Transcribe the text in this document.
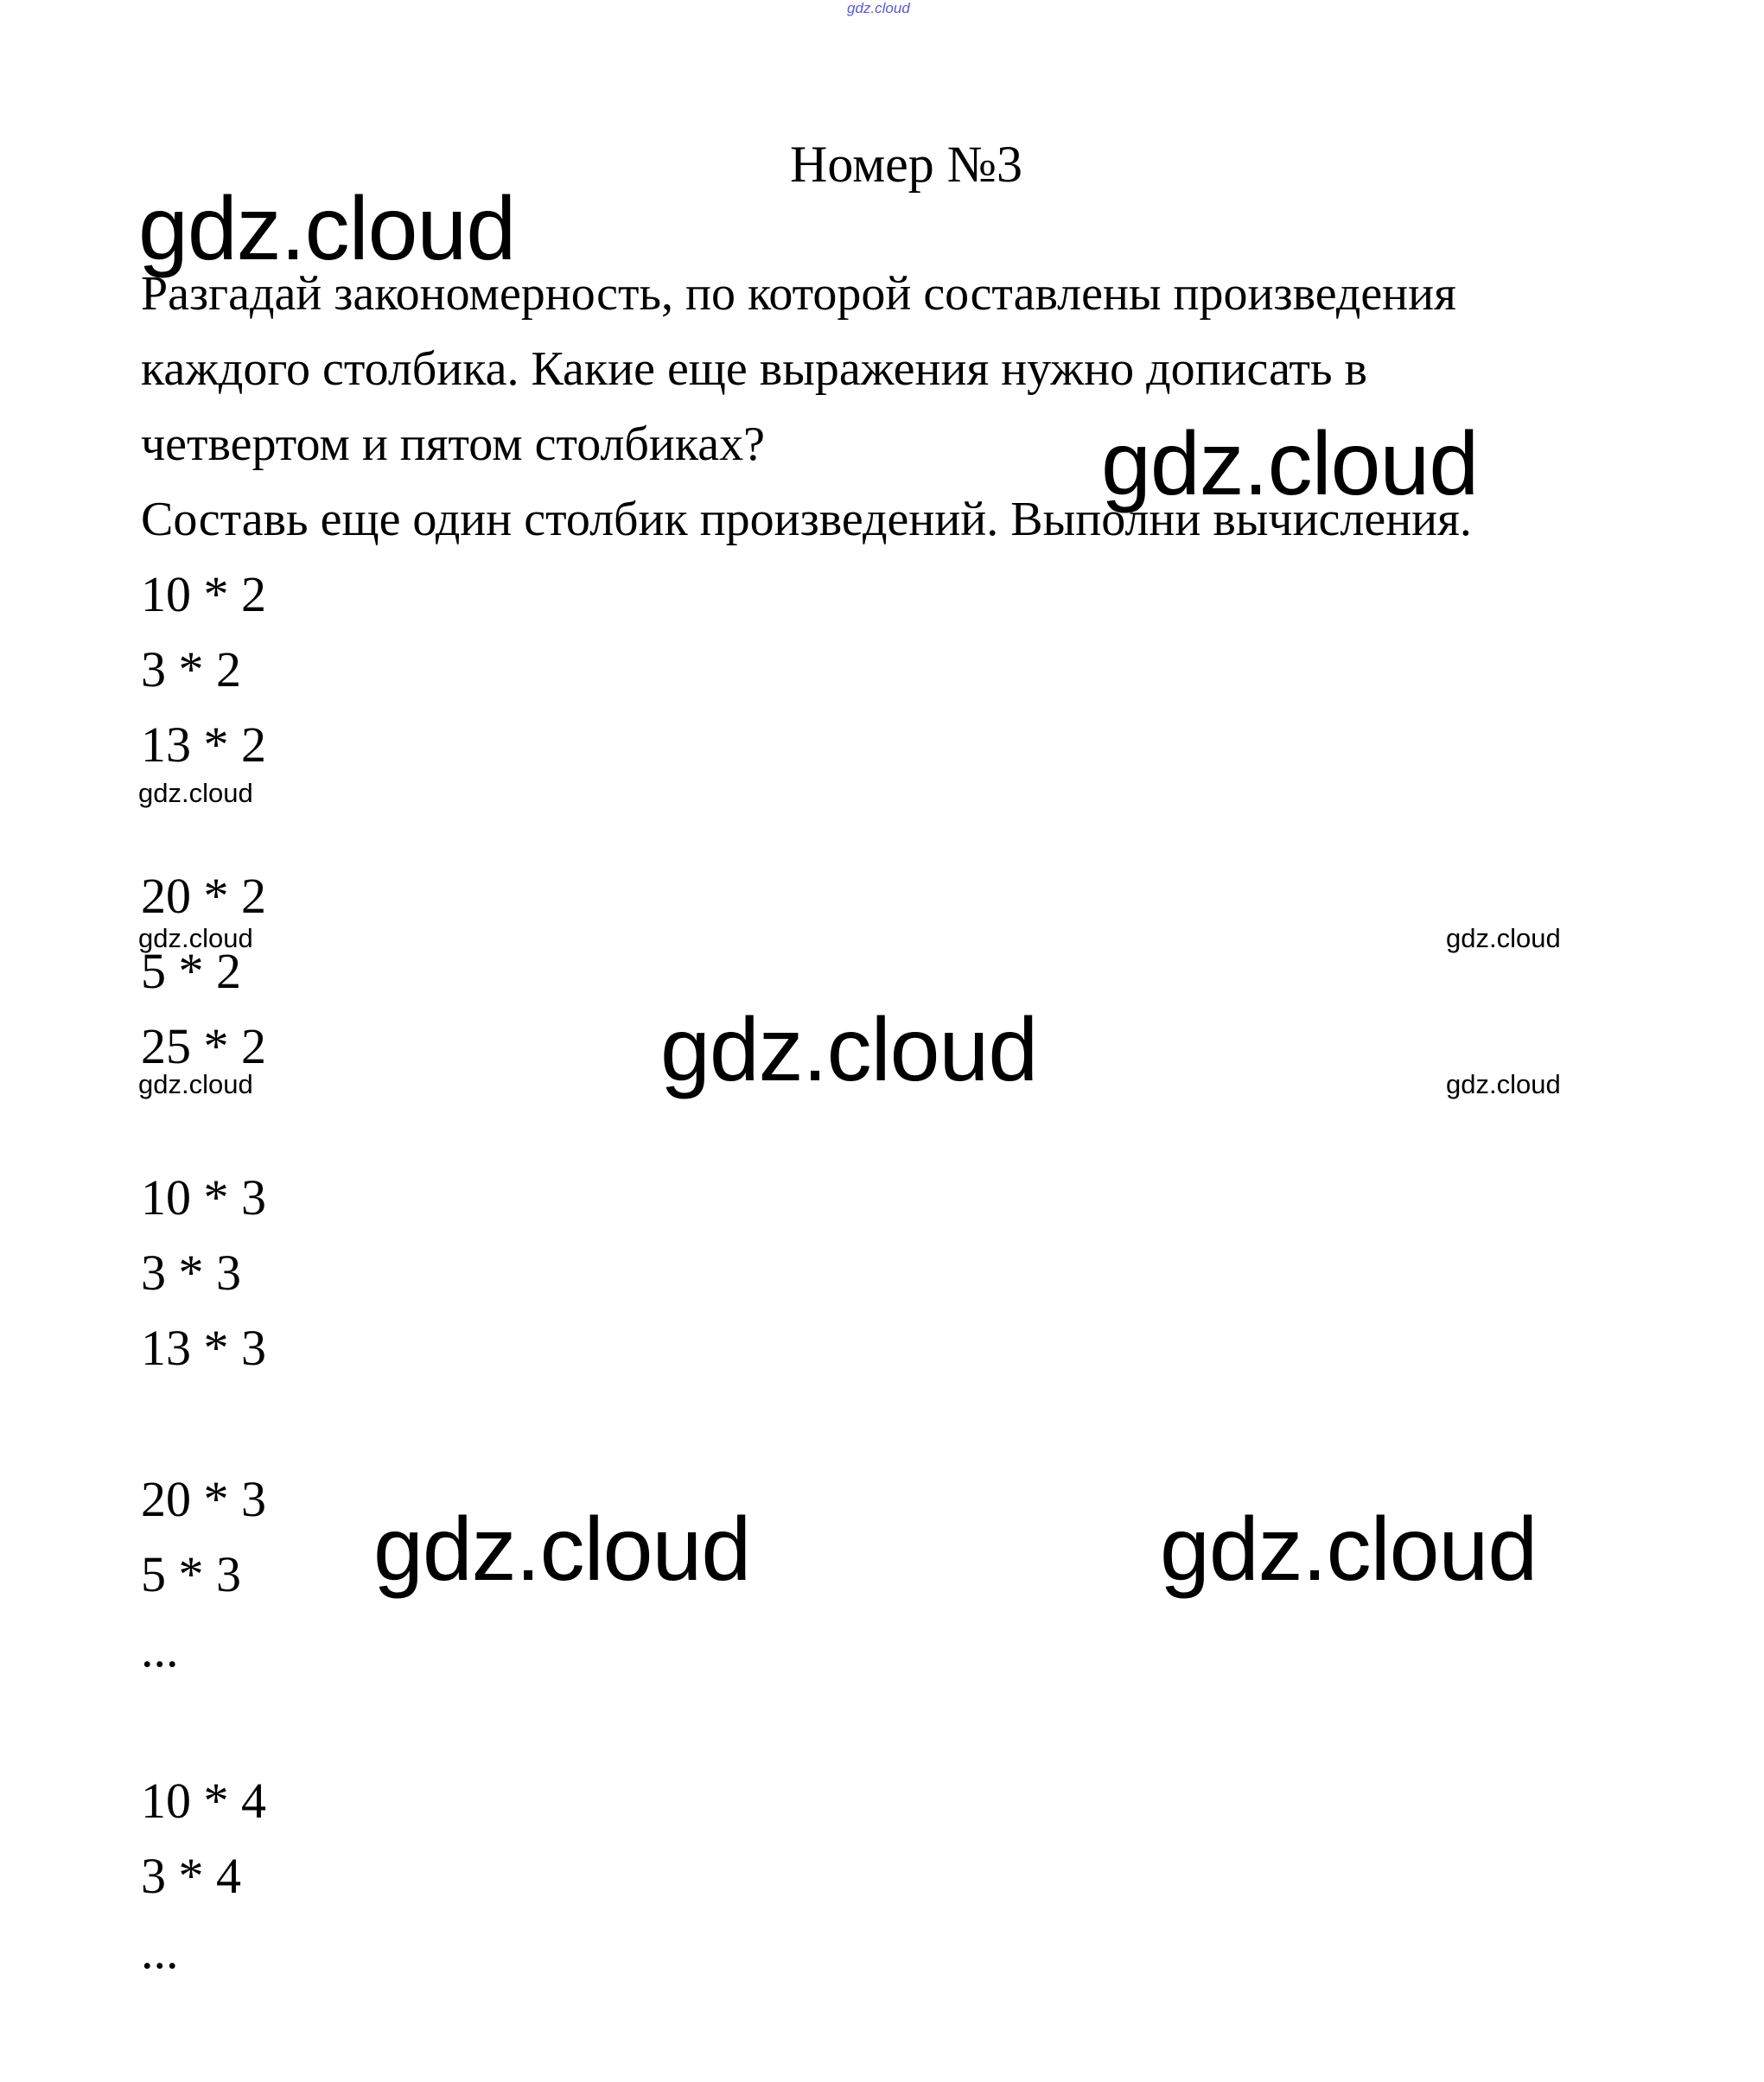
gdz.cloud
Номер №3
Разгадай закономерность, по которой составлены произведения
каждого столбика. Какие еще выражения нужно дописать в
четвертом и пятом столбиках?
Составь еще один столбик произведений. Выполни вычисления.
10 * 2
3 * 2
13 * 2
20 * 2
5 * 2
25 * 2
10 * 3
3 * 3
13 * 3
20 * 3
5 * 3
...
10 * 4
3 * 4
...
gdz.cloud
gdz.cloud
gdz.cloud
gdz.cloud	gdz.cloud
gdz.cloud
gdz.cloud	gdz.cloud
gdz.cloud	gdz.cloud
